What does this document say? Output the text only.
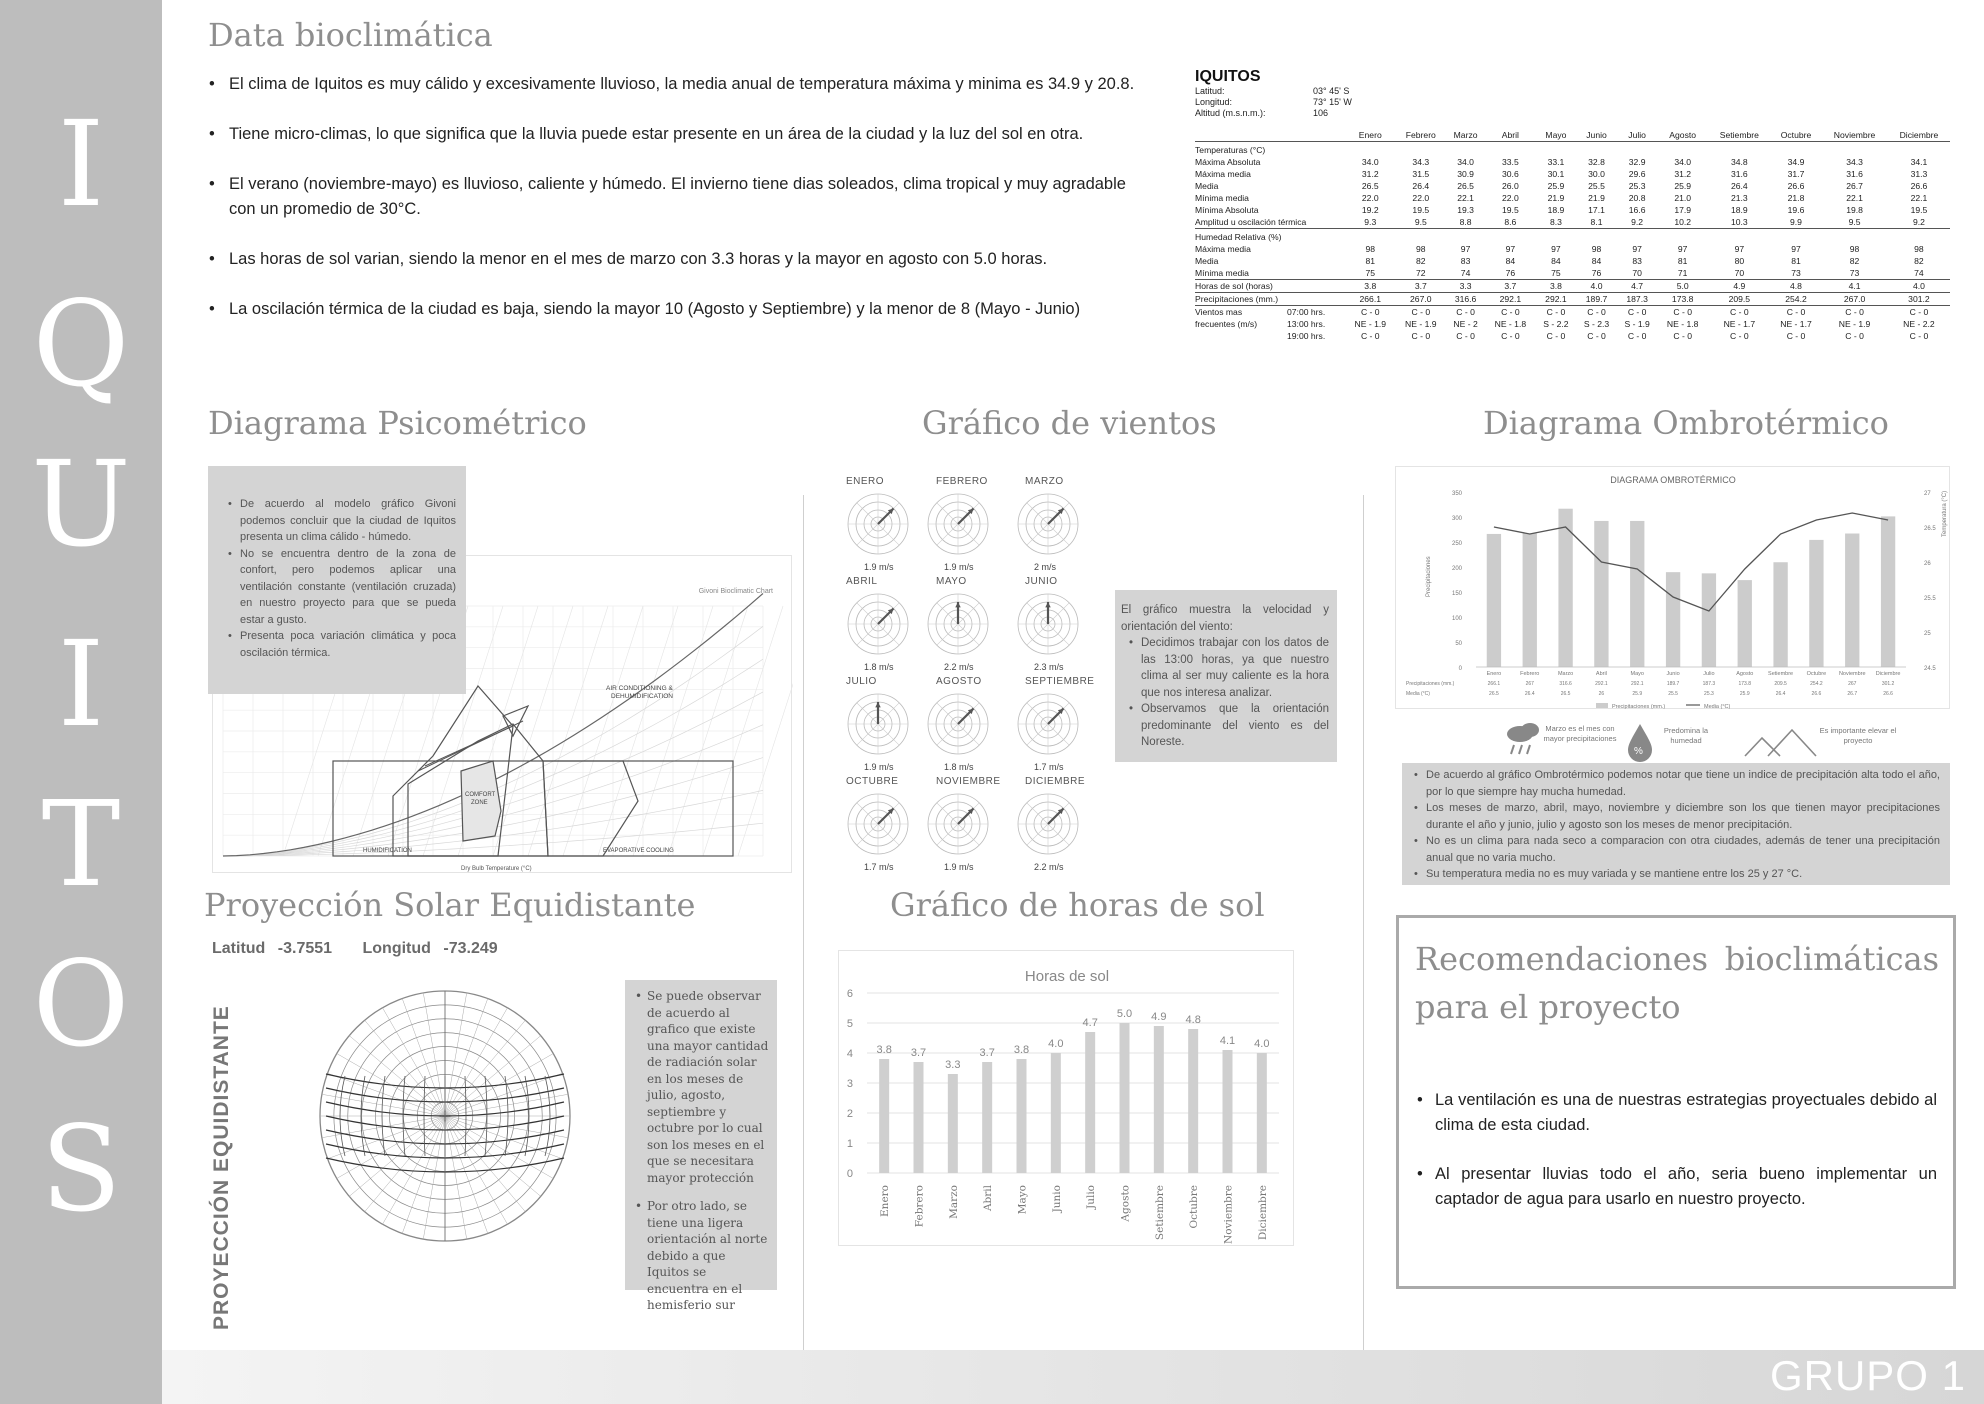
I
Q
U
I
T
O
S
GRUPO 1
Data bioclimática
• El clima de Iquitos es muy cálido y excesivamente lluvioso, la media anual de temperatura máxima y minima es 34.9 y 20.8.
• Tiene micro-climas, lo que significa que la lluvia puede estar presente en un área de la ciudad y la luz del sol en otra.
• El verano (noviembre-mayo) es lluvioso, caliente y húmedo. El invierno tiene dias soleados, clima tropical y muy agradable con un promedio de 30°C.
• Las horas de sol varian, siendo la menor en el mes de marzo con 3.3 horas y la mayor en agosto con 5.0 horas.
• La oscilación térmica de la ciudad es baja, siendo la mayor 10 (Agosto y Septiembre) y la menor de 8 (Mayo - Junio)
IQUITOS
Latitud:	03° 45' S
Longitud:	73° 15' W
Altitud (m.s.n.m.):	106
	Enero	Febrero	Marzo	Abril	Mayo	Junio	Julio	Agosto	Setiembre	Octubre	Noviembre	Diciembre
Temperaturas (°C)												
Máxima Absoluta	34.0	34.3	34.0	33.5	33.1	32.8	32.9	34.0	34.8	34.9	34.3	34.1
Máxima media	31.2	31.5	30.9	30.6	30.1	30.0	29.6	31.2	31.6	31.7	31.6	31.3
Media	26.5	26.4	26.5	26.0	25.9	25.5	25.3	25.9	26.4	26.6	26.7	26.6
Mínima media	22.0	22.0	22.1	22.0	21.9	21.9	20.8	21.0	21.3	21.8	22.1	22.1
Mínima Absoluta	19.2	19.5	19.3	19.5	18.9	17.1	16.6	17.9	18.9	19.6	19.8	19.5
Amplitud u oscilación térmica	9.3	9.5	8.8	8.6	8.3	8.1	9.2	10.2	10.3	9.9	9.5	9.2
Humedad Relativa (%)												
Máxima media	98	98	97	97	97	98	97	97	97	97	98	98
Media	81	82	83	84	84	84	83	81	80	81	82	82
Mínima media	75	72	74	76	75	76	70	71	70	73	73	74
Horas de sol (horas)	3.8	3.7	3.3	3.7	3.8	4.0	4.7	5.0	4.9	4.8	4.1	4.0
Precipitaciones (mm.)	266.1	267.0	316.6	292.1	292.1	189.7	187.3	173.8	209.5	254.2	267.0	301.2
Vientos mas 07:00 hrs.	C - 0	C - 0	C - 0	C - 0	C - 0	C - 0	C - 0	C - 0	C - 0	C - 0	C - 0	C - 0
frecuentes (m/s) 13:00 hrs.	NE - 1.9	NE - 1.9	NE - 2	NE - 1.8	S - 2.2	S - 2.3	S - 1.9	NE - 1.8	NE - 1.7	NE - 1.7	NE - 1.9	NE - 2.2
19:00 hrs.	C - 0	C - 0	C - 0	C - 0	C - 0	C - 0	C - 0	C - 0	C - 0	C - 0	C - 0	C - 0
Diagrama Psicométrico
Givoni Bioclimatic Chart
AIR CONDITIONING &
DEHUMIDIFICATION
COMFORT
ZONE
HUMIDIFICATION	EVAPORATIVE COOLING
Dry Bulb Temperature (°C)
• De acuerdo al modelo gráfico Givoni podemos concluir que la ciudad de Iquitos presenta un clima cálido - húmedo.
• No se encuentra dentro de la zona de confort, pero podemos aplicar una ventilación constante (ventilación cruzada) en nuestro proyecto para que se pueda estar a gusto.
• Presenta poca variación climática y poca oscilación térmica.
Gráfico de vientos
ENERO
1.9 m/s
FEBRERO
1.9 m/s
MARZO
2 m/s
ABRIL
1.8 m/s
MAYO
2.2 m/s
JUNIO
2.3 m/s
JULIO
1.9 m/s
AGOSTO
1.8 m/s
SEPTIEMBRE
1.7 m/s
OCTUBRE
1.7 m/s
NOVIEMBRE
1.9 m/s
DICIEMBRE
2.2 m/s
El gráfico muestra la velocidad y orientación del viento:
• Decidimos trabajar con los datos de las 13:00 horas, ya que nuestro clima al ser muy caliente es la hora que nos interesa analizar.
• Observamos que la orientación predominante del viento es del Noreste.
Diagrama Ombrotérmico
DIAGRAMA OMBROTÉRMICO
0
50
100
150
200
250
300
350
24.5
25
25.5
26
26.5
27
Precipitaciones
Temperatura (°C)
Enero
266.1
26.5
Febrero
267
26.4
Marzo
316.6
26.5
Abril
292.1
26
Mayo
292.1
25.9
Junio
189.7
25.5
Julio
187.3
25.3
Agosto
173.8
25.9
Setiembre
209.5
26.4
Octubre
254.2
26.6
Noviembre
267
26.7
Diciembre
301.2
26.6
Precipitaciones (mm.)
Media (°C)
Precipitaciones (mm.)	Media (°C)
%
Marzo es el mes con mayor precipitaciones
Predomina la humedad
Es importante elevar el proyecto
• De acuerdo al gráfico Ombrotérmico podemos notar que tiene un indice de precipitación alta todo el año, por lo que siempre hay mucha humedad.
• Los meses de marzo, abril, mayo, noviembre y diciembre son los que tienen mayor precipitaciones durante el año y junio, julio y agosto son los meses de menor precipitación.
• No es un clima para nada seco a comparacion con otra ciudades, además de tener una precipitación anual que no varia mucho.
• Su temperatura media no es muy variada y se mantiene entre los 25 y 27 °C.
Proyección Solar Equidistante
Latitud -3.7551 Longitud -73.249
PROYECCIÓN EQUIDISTANTE
• Se puede observar de acuerdo al grafico que existe una mayor cantidad de radiación solar en los meses de julio, agosto, septiembre y octubre por lo cual son los meses en el que se necesitara mayor protección
• Por otro lado, se tiene una ligera orientación al norte debido a que Iquitos se encuentra en el hemisferio sur
Gráfico de horas de sol
Horas de sol
0
1
2
3
4
5
6
3.8
Enero
3.7
Febrero
3.3
Marzo
3.7
Abril
3.8
Mayo
4.0
Junio
4.7
Julio
5.0
Agosto
4.9
Setiembre
4.8
Octubre
4.1
Noviembre
4.0
Diciembre
Recomendaciones bioclimáticas
para el proyecto
• La ventilación es una de nuestras estrategias proyectuales debido al clima de esta ciudad.
• Al presentar lluvias todo el año, seria bueno implementar un captador de agua para usarlo en nuestro proyecto.
